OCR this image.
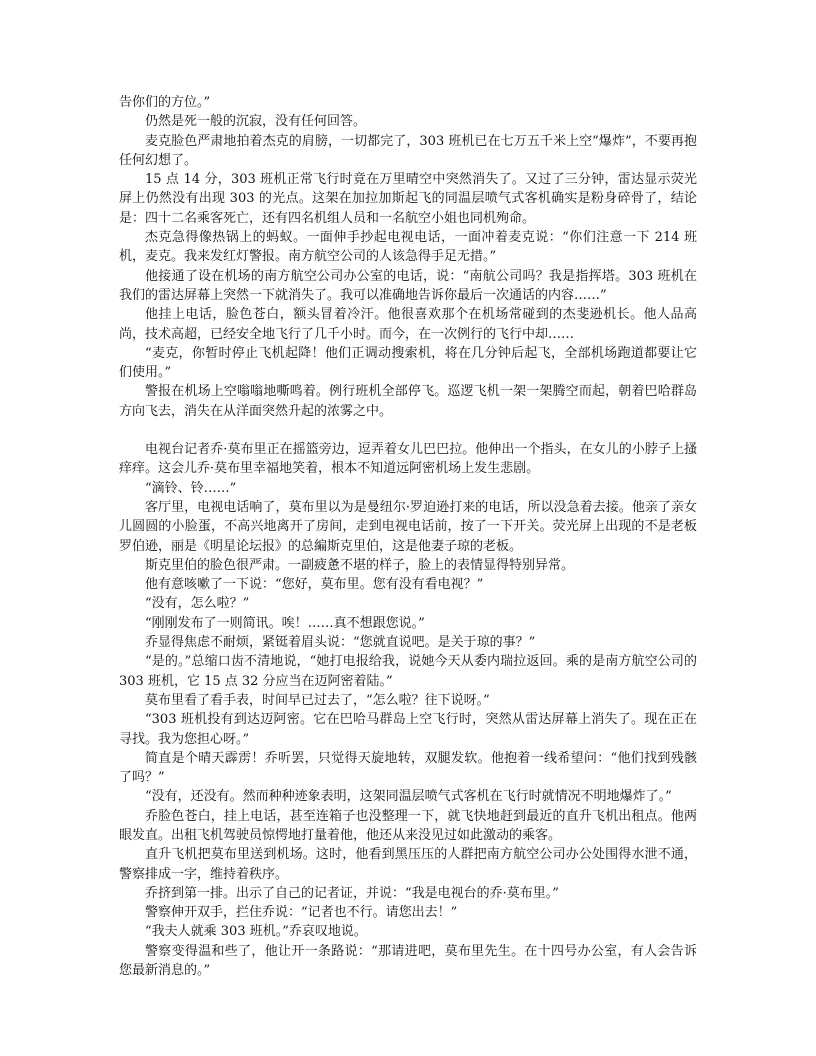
告你们的方位。”

仍然是死一般的沉寂，没有任何回答。

麦克脸色严肃地拍着杰克的肩膀，一切都完了，303 班机已在七万五千米上空“爆炸”，不要再抱任何幻想了。

15 点 14 分，303 班机正常飞行时竟在万里晴空中突然消失了。又过了三分钟，雷达显示荧光屏上仍然没有出现 303 的光点。这架在加拉加斯起飞的同温层喷气式客机确实是粉身碎骨了，结论是：四十二名乘客死亡，还有四名机组人员和一名航空小姐也同机殉命。

杰克急得像热锅上的蚂蚁。一面伸手抄起电视电话，一面冲着麦克说：“你们注意一下 214 班机，麦克。我来发红灯警报。南方航空公司的人该急得手足无措。”

他接通了设在机场的南方航空公司办公室的电话，说：“南航公司吗？我是指挥塔。303 班机在我们的雷达屏幕上突然一下就消失了。我可以准确地告诉你最后一次通话的内容……”

他挂上电话，脸色苍白，额头冒着冷汗。他很喜欢那个在机场常碰到的杰斐逊机长。他人品高尚，技术高超，已经安全地飞行了几千小时。而今，在一次例行的飞行中却……

“麦克，你暂时停止飞机起降！他们正调动搜索机，将在几分钟后起飞，全部机场跑道都要让它们使用。”

警报在机场上空嗡嗡地嘶鸣着。例行班机全部停飞。巡逻飞机一架一架腾空而起，朝着巴哈群岛方向飞去，消失在从洋面突然升起的浓雾之中。

电视台记者乔·莫布里正在摇篮旁边，逗弄着女儿巴巴拉。他伸出一个指头，在女儿的小脖子上搔痒痒。这会儿乔·莫布里幸福地笑着，根本不知道远阿密机场上发生悲剧。

“滴铃、铃……”

客厅里，电视电话响了，莫布里以为是曼纽尔·罗迫逊打来的电话，所以没急着去接。他亲了亲女儿圆圆的小脸蛋，不高兴地离开了房间，走到电视电话前，按了一下开关。荧光屏上出现的不是老板罗伯逊，丽是《明星论坛报》的总編斯克里伯，这是他妻子琼的老板。

斯克里伯的脸色很严肃。一副疲惫不堪的样子，脸上的表情显得特别异常。

他有意咳嗽了一下说：“您好，莫布里。您有没有看电视？”

“没有，怎么啦？”

“刚刚发布了一则简讯。唉！……真不想跟您说。”

乔显得焦虑不耐烦，紧铤着眉头说：“您就直说吧。是关于琼的事？”

“是的。”总缩口齿不清地说，“她打电报给我，说她今天从委内瑞拉返回。乘的是南方航空公司的 303 班机，它 15 点 32 分应当在迈阿密着陆。”

莫布里看了看手表，时间早已过去了，“怎么啦？往下说呀。”

“303 班机投有到达迈阿密。它在巴哈马群岛上空飞行时，突然从雷达屏幕上消失了。现在正在寻找。我为您担心呀。”

简直是个晴天霹雳！乔听罢，只觉得天旋地转，双腿发软。他抱着一线希望问：“他们找到残骸了吗？”

“没有，还没有。然而种种迹象表明，这架同温层喷气式客机在飞行时就情况不明地爆炸了。”

乔脸色苍白，挂上电话，甚至连箱子也没整理一下，就飞快地赶到最近的直升飞机出租点。他两眼发直。出租飞机驾驶员惊愕地打量着他，他还从来没见过如此激动的乘客。

直升飞机把莫布里送到机场。这时，他看到黑压压的人群把南方航空公司办公处围得水泄不通，警察排成一字，维持着秩序。

乔挤到第一排。出示了自己的记者证，并说：“我是电视台的乔·莫布里。”

警察伸开双手，拦住乔说：“记者也不行。请您出去！”

“我夫人就乘 303 班机。”乔哀叹地说。

警察变得温和些了，他让开一条路说：“那请进吧，莫布里先生。在十四号办公室，有人会告诉您最新消息的。”
